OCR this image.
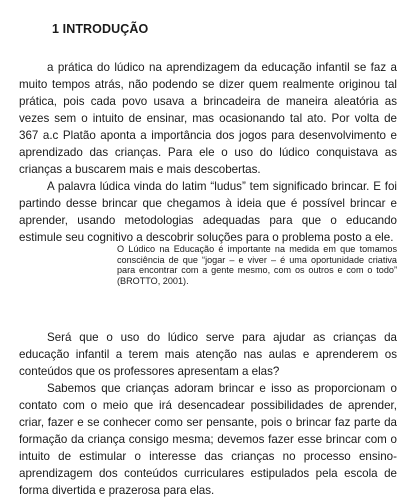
1 INTRODUÇÃO

a prática do lúdico na aprendizagem da educação infantil se faz a muito tempos atrás, não podendo se dizer quem realmente originou tal prática, pois cada povo usava a brincadeira de maneira aleatória as vezes sem o intuito de ensinar, mas ocasionando tal ato. Por volta de 367 a.c Platão aponta a importância dos jogos para desenvolvimento e aprendizado das crianças. Para ele o uso do lúdico conquistava as crianças a buscarem mais e mais descobertas.

A palavra lúdica vinda do latim “ludus” tem significado brincar. E foi partindo desse brincar que chegamos à ideia que é possível brincar e aprender, usando metodologias adequadas para que o educando estimule seu cognitivo a descobrir soluções para o problema posto a ele.

O Lúdico na Educação é importante na medida em que tomamos consciência de que “jogar – e viver – é uma oportunidade criativa para encontrar com a gente mesmo, com os outros e com o todo” (BROTTO, 2001).

Será que o uso do lúdico serve para ajudar as crianças da educação infantil a terem mais atenção nas aulas e aprenderem os conteúdos que os professores apresentam a elas?

Sabemos que crianças adoram brincar e isso as proporcionam o contato com o meio que irá desencadear possibilidades de aprender, criar, fazer e se conhecer como ser pensante, pois o brincar faz parte da formação da criança consigo mesma; devemos fazer esse brincar com o intuito de estimular o interesse das crianças no processo ensino-aprendizagem dos conteúdos curriculares estipulados pela escola de forma divertida e prazerosa para elas.
